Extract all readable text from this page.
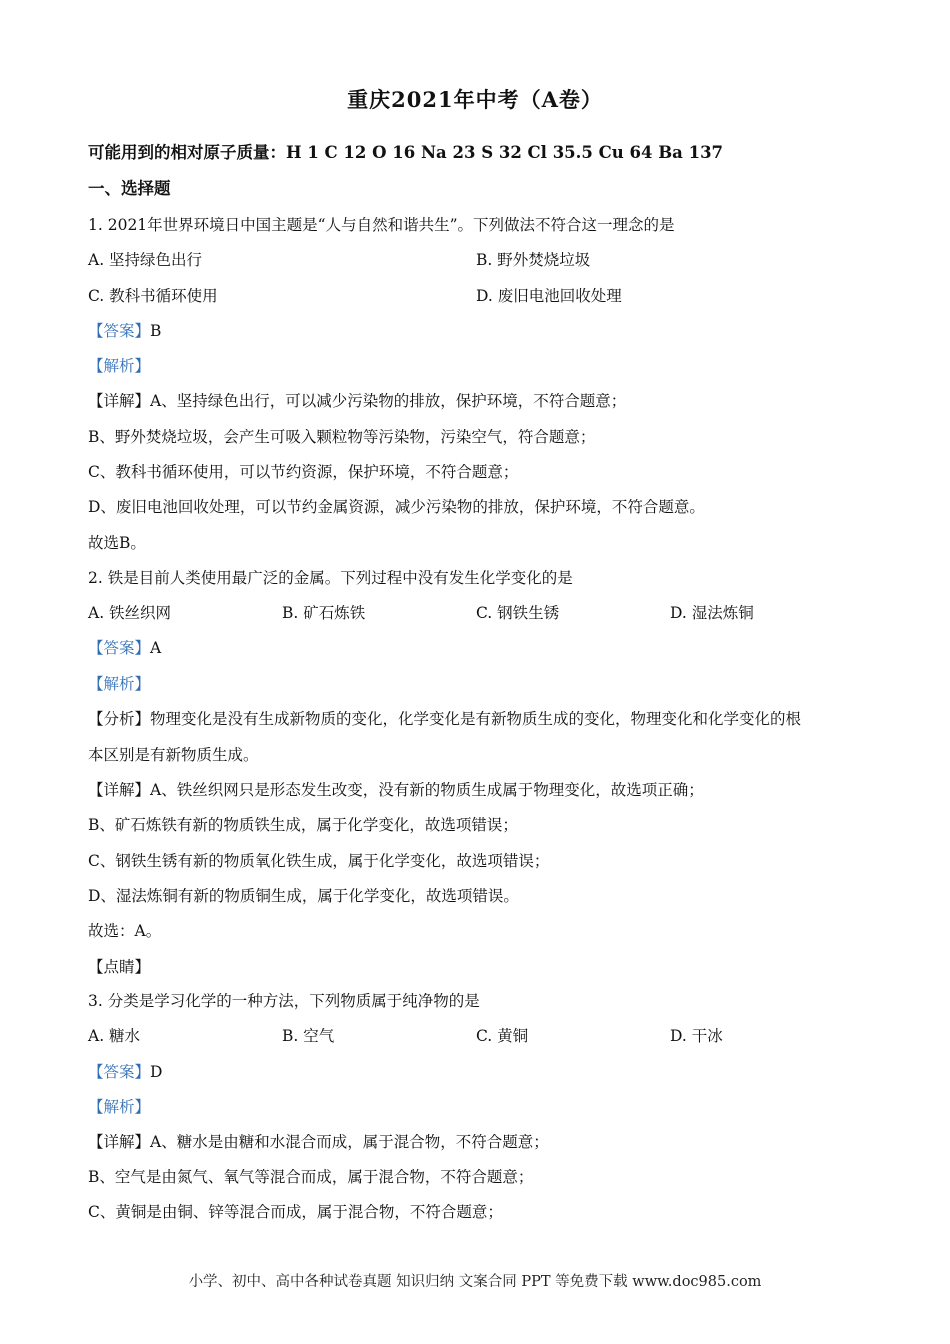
重庆2021年中考（A卷）
可能用到的相对原子质量：H 1 C 12 O 16 Na 23 S 32 Cl 35.5 Cu 64 Ba 137
一、选择题
1. 2021年世界环境日中国主题是“人与自然和谐共生”。下列做法不符合这一理念的是
A. 坚持绿色出行	B. 野外焚烧垃圾
C. 教科书循环使用	D. 废旧电池回收处理
【答案】B
【解析】
【详解】A、坚持绿色出行，可以减少污染物的排放，保护环境，不符合题意；
B、野外焚烧垃圾，会产生可吸入颗粒物等污染物，污染空气，符合题意；
C、教科书循环使用，可以节约资源，保护环境，不符合题意；
D、废旧电池回收处理，可以节约金属资源，减少污染物的排放，保护环境，不符合题意。
故选B。
2. 铁是目前人类使用最广泛的金属。下列过程中没有发生化学变化的是
A. 铁丝织网	B. 矿石炼铁	C. 钢铁生锈	D. 湿法炼铜
【答案】A
【解析】
【分析】物理变化是没有生成新物质的变化，化学变化是有新物质生成的变化，物理变化和化学变化的根
本区别是有新物质生成。
【详解】A、铁丝织网只是形态发生改变，没有新的物质生成属于物理变化，故选项正确；
B、矿石炼铁有新的物质铁生成，属于化学变化，故选项错误；
C、钢铁生锈有新的物质氧化铁生成，属于化学变化，故选项错误；
D、湿法炼铜有新的物质铜生成，属于化学变化，故选项错误。
故选：A。
【点睛】
3. 分类是学习化学的一种方法，下列物质属于纯净物的是
A. 糖水	B. 空气	C. 黄铜	D. 干冰
【答案】D
【解析】
【详解】A、糖水是由糖和水混合而成，属于混合物，不符合题意；
B、空气是由氮气、氧气等混合而成，属于混合物，不符合题意；
C、黄铜是由铜、锌等混合而成，属于混合物，不符合题意；
小学、初中、高中各种试卷真题 知识归纳 文案合同 PPT 等免费下载 www.doc985.com
